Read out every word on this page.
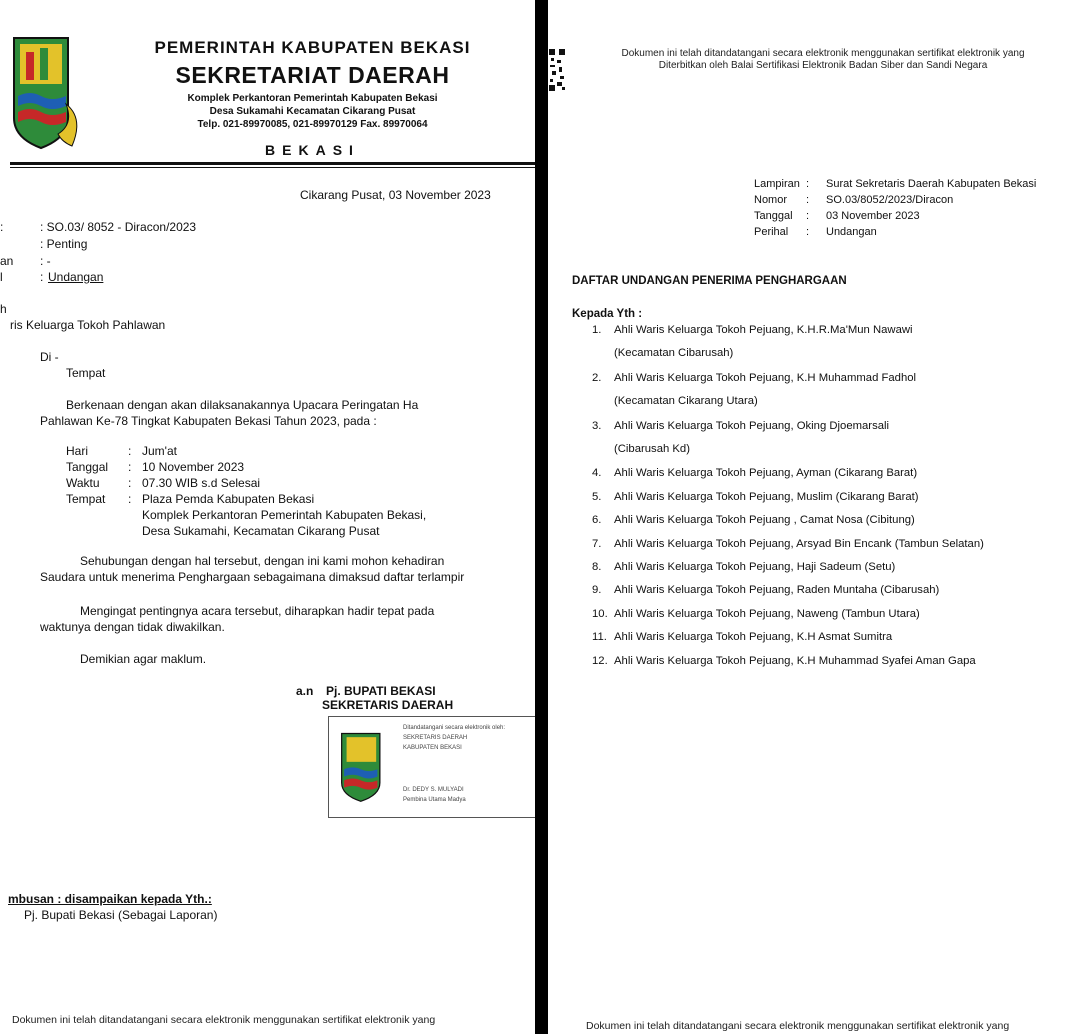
PEMERINTAH KABUPATEN BEKASI
SEKRETARIAT DAERAH
Komplek Perkantoran Pemerintah Kabupaten Bekasi
Desa Sukamahi Kecamatan Cikarang Pusat
Telp. 021-89970085, 021-89970129 Fax. 89970064
BEKASI
Cikarang Pusat, 03 November 2023
:	: SO.03/ 8052 - Diracon/2023
: Penting
an : -
l	: Undangan
h
ris Keluarga Tokoh Pahlawan
Di -
Tempat
Berkenaan dengan akan dilaksanakannya Upacara Peringatan Ha
Pahlawan Ke-78 Tingkat Kabupaten Bekasi Tahun 2023, pada :
Hari	: Jum'at
Tanggal : 10 November 2023
Waktu : 07.30 WIB s.d Selesai
Tempat : Plaza Pemda Kabupaten Bekasi
Komplek Perkantoran Pemerintah Kabupaten Bekasi,
Desa Sukamahi, Kecamatan Cikarang Pusat
Sehubungan dengan hal tersebut, dengan ini kami mohon kehadiran
Saudara untuk menerima Penghargaan sebagaimana dimaksud daftar terlampir
Mengingat pentingnya acara tersebut, diharapkan hadir tepat pada
waktunya dengan tidak diwakilkan.
Demikian agar maklum.
a.n Pj. BUPATI BEKASI
SEKRETARIS DAERAH
Ditandatangani secara elektronik oleh:
SEKRETARIS DAERAH
KABUPATEN BEKASI
Dr. DEDY S. MULYADI
Pembina Utama Madya
mbusan : disampaikan kepada Yth.:
Pj. Bupati Bekasi (Sebagai Laporan)
Dokumen ini telah ditandatangani secara elektronik menggunakan sertifikat elektronik yang
Dokumen ini telah ditandatangani secara elektronik menggunakan sertifikat elektronik yang
Diterbitkan oleh Balai Sertifikasi Elektronik Badan Siber dan Sandi Negara
Lampiran : Surat Sekretaris Daerah Kabupaten Bekasi
Nomor : SO.03/8052/2023/Diracon
Tanggal : 03 November 2023
Perihal : Undangan
DAFTAR UNDANGAN PENERIMA PENGHARGAAN
Kepada Yth :
1. Ahli Waris Keluarga Tokoh Pejuang, K.H.R.Ma'Mun Nawawi
(Kecamatan Cibarusah)
2. Ahli Waris Keluarga Tokoh Pejuang, K.H Muhammad Fadhol
(Kecamatan Cikarang Utara)
3. Ahli Waris Keluarga Tokoh Pejuang, Oking Djoemarsali
(Cibarusah Kd)
4. Ahli Waris Keluarga Tokoh Pejuang, Ayman (Cikarang Barat)
5. Ahli Waris Keluarga Tokoh Pejuang, Muslim (Cikarang Barat)
6. Ahli Waris Keluarga Tokoh Pejuang , Camat Nosa (Cibitung)
7. Ahli Waris Keluarga Tokoh Pejuang, Arsyad Bin Encank (Tambun Selatan)
8. Ahli Waris Keluarga Tokoh Pejuang, Haji Sadeum (Setu)
9. Ahli Waris Keluarga Tokoh Pejuang, Raden Muntaha (Cibarusah)
10. Ahli Waris Keluarga Tokoh Pejuang, Naweng (Tambun Utara)
11. Ahli Waris Keluarga Tokoh Pejuang, K.H Asmat Sumitra
12. Ahli Waris Keluarga Tokoh Pejuang, K.H Muhammad Syafei Aman Gapa
Dokumen ini telah ditandatangani secara elektronik menggunakan sertifikat elektronik yang
